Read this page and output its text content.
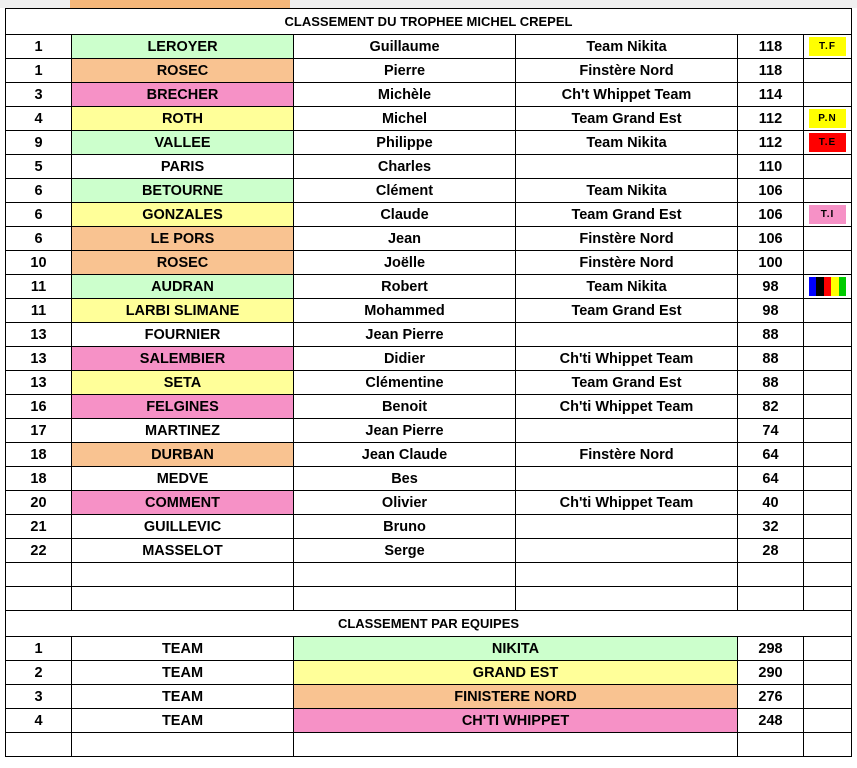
CLASSEMENT DU TROPHEE MICHEL CREPEL					
1	LEROYER	Guillaume	Team Nikita	118	T.F

1	ROSEC	Pierre	Finstère Nord	118	
3	BRECHER	Michèle	Ch't Whippet Team	114	
4	ROTH	Michel	Team Grand Est	112	P.N

9	VALLEE	Philippe	Team Nikita	112	T.E

5	PARIS	Charles		110	
6	BETOURNE	Clément	Team Nikita	106	
6	GONZALES	Claude	Team Grand Est	106	T.I

6	LE PORS	Jean	Finstère Nord	106	
10	ROSEC	Joëlle	Finstère Nord	100	
11	AUDRAN	Robert	Team Nikita	98	

11	LARBI SLIMANE	Mohammed	Team Grand Est	98	
13	FOURNIER	Jean Pierre		88	
13	SALEMBIER	Didier	Ch'ti Whippet Team	88	
13	SETA	Clémentine	Team Grand Est	88	
16	FELGINES	Benoit	Ch'ti Whippet Team	82	
17	MARTINEZ	Jean Pierre		74	
18	DURBAN	Jean Claude	Finstère Nord	64	
18	MEDVE	Bes		64	
20	COMMENT	Olivier	Ch'ti Whippet Team	40	
21	GUILLEVIC	Bruno		32	
22	MASSELOT	Serge		28	

CLASSEMENT PAR EQUIPES				
1	TEAM	NIKITA	298	
2	TEAM	GRAND EST	290	
3	TEAM	FINISTERE NORD	276	
4	TEAM	CH'TI WHIPPET	248	
